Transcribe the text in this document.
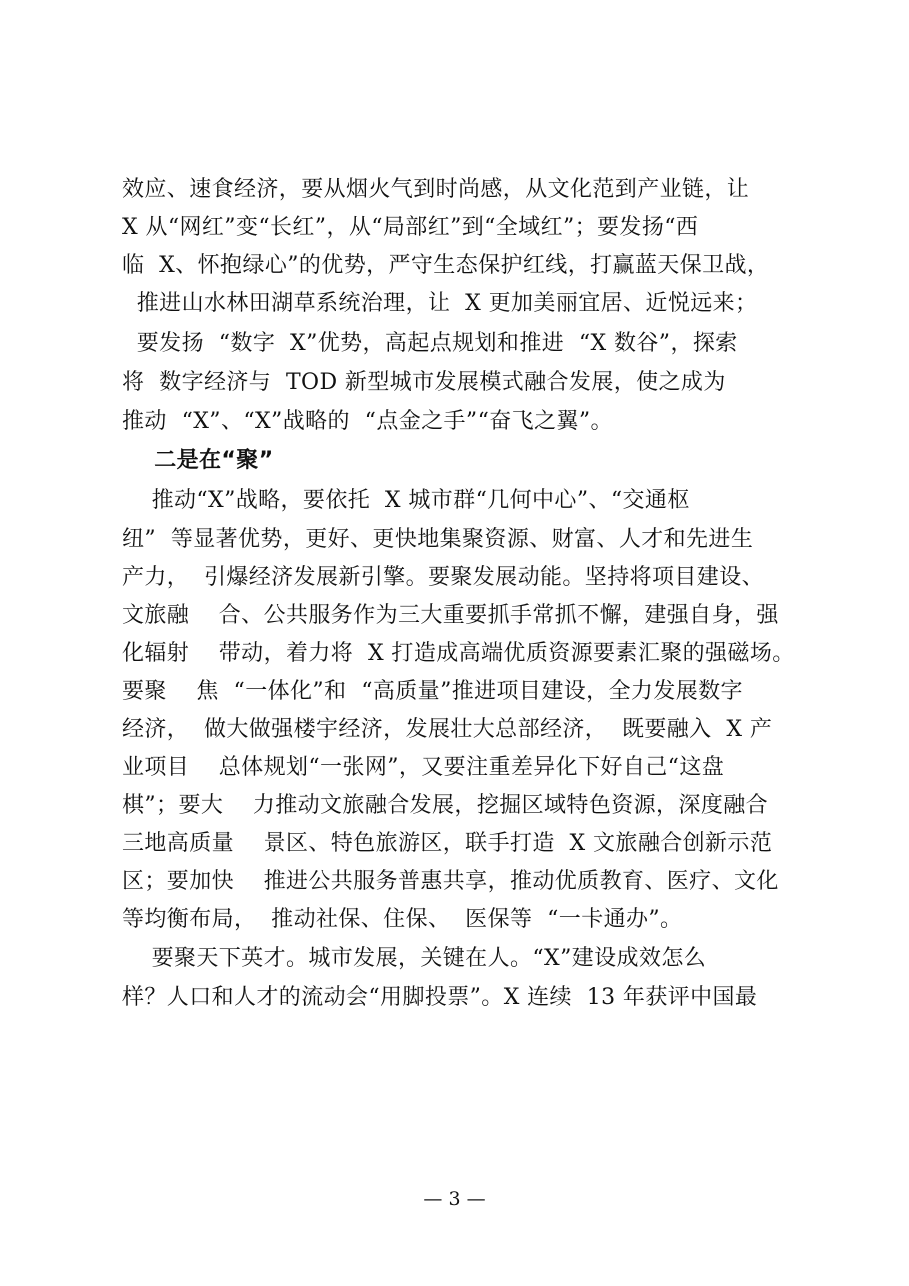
效应、速食经济，要从烟火气到时尚感，从文化范到产业链，让
X 从“网红”变“长红”，从“局部红”到“全域红”；要发扬“西
临  X、怀抱绿心”的优势，严守生态保护红线，打赢蓝天保卫战，
推进山水林田湖草系统治理，让  X 更加美丽宜居、近悦远来；
要发扬  “数字  X”优势，高起点规划和推进  “X 数谷”，探索
将  数字经济与  TOD 新型城市发展模式融合发展，使之成为
推动  “X”、“X”战略的  “点金之手”“奋飞之翼”。
二是在“聚”
推动“X”战略，要依托  X 城市群“几何中心”、“交通枢
纽”  等显著优势，更好、更快地集聚资源、财富、人才和先进生
产力，  引爆经济发展新引擎。要聚发展动能。坚持将项目建设、
文旅融    合、公共服务作为三大重要抓手常抓不懈，建强自身，强
化辐射    带动，着力将  X 打造成高端优质资源要素汇聚的强磁场。
要聚    焦  “一体化”和  “高质量”推进项目建设，全力发展数字
经济，  做大做强楼宇经济，发展壮大总部经济，  既要融入  X 产
业项目    总体规划“一张网”，又要注重差异化下好自己“这盘
棋”；要大    力推动文旅融合发展，挖掘区域特色资源，深度融合
三地高质量    景区、特色旅游区，联手打造  X 文旅融合创新示范
区；要加快    推进公共服务普惠共享，推动优质教育、医疗、文化
等均衡布局，  推动社保、住保、  医保等  “一卡通办”。
要聚天下英才。城市发展，关键在人。“X”建设成效怎么
样？人口和人才的流动会“用脚投票”。X 连续  13 年获评中国最
— 3 —
